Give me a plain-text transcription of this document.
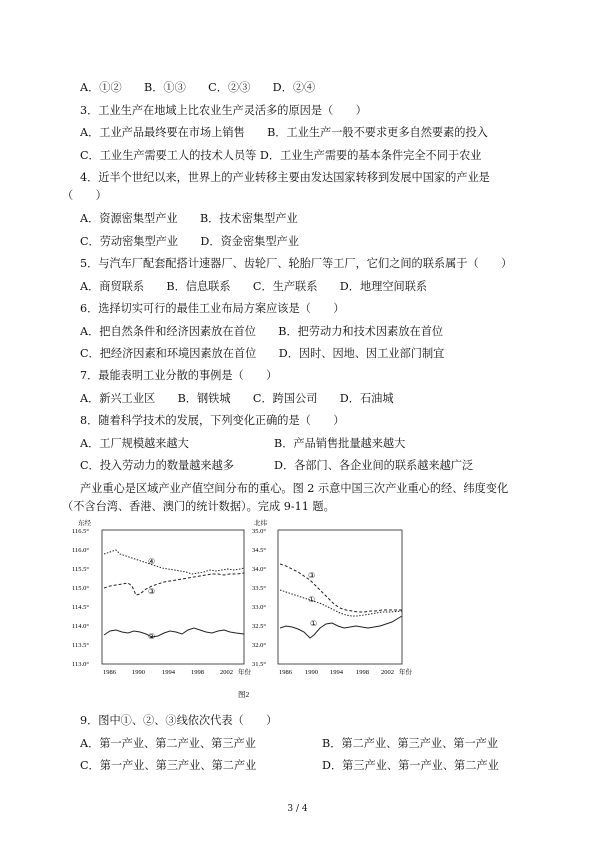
A．①②　　B．①③　　C．②③　　D．②④
3．工业生产在地域上比农业生产灵活多的原因是（　　）
A．工业产品最终要在市场上销售　　B．工业生产一般不要求更多自然要素的投入
C．工业生产需要工人的技术人员等 D．工业生产需要的基本条件完全不同于农业
4．近半个世纪以来，世界上的产业转移主要由发达国家转移到发展中国家的产业是
（　　）
A．资源密集型产业　　B．技术密集型产业
C．劳动密集型产业　　D．资金密集型产业
5．与汽车厂配套配搭计速器厂、齿轮厂、轮胎厂等工厂，它们之间的联系属于（　　）
A．商贸联系　　B．信息联系　　C．生产联系　　D．地理空间联系
6．选择切实可行的最佳工业布局方案应该是（　　）
A．把自然条件和经济因素放在首位　　B．把劳动力和技术因素放在首位
C．把经济因素和环境因素放在首位　　D．因时、因地、因工业部门制宜
7．最能表明工业分散的事例是（　　）
A．新兴工业区　　B．钢铁城　　C．跨国公司　　D．石油城
8．随着科学技术的发展，下列变化正确的是（　　）
A．工厂规模越来越大	B．产品销售批量越来越大
C．投入劳动力的数量越来越多	D．各部门、各企业间的联系越来越广泛
产业重心是区域产业产值空间分布的重心。图 2 示意中国三次产业重心的经、纬度变化
（不含台湾、香港、澳门的统计数据）。完成 9-11 题。
东经
116.5°
116.0°
115.5°
115.0°
114.5°
114.0°
113.5°
113.0°
1986 1990	1994 1998 2002 年份
④
③
②
北纬
35.0°
34.5°
34.0°
33.5°
33.0°
32.5°
32.0°
31.5°
1986 1990 1994 1998 2002 年份
③
①
①
图2
9．图中①、②、③线依次代表（　　）
A．第一产业、第二产业、第三产业	B．第二产业、第三产业、第一产业
C．第一产业、第三产业、第二产业	D．第三产业、第一产业、第二产业
3 / 4
